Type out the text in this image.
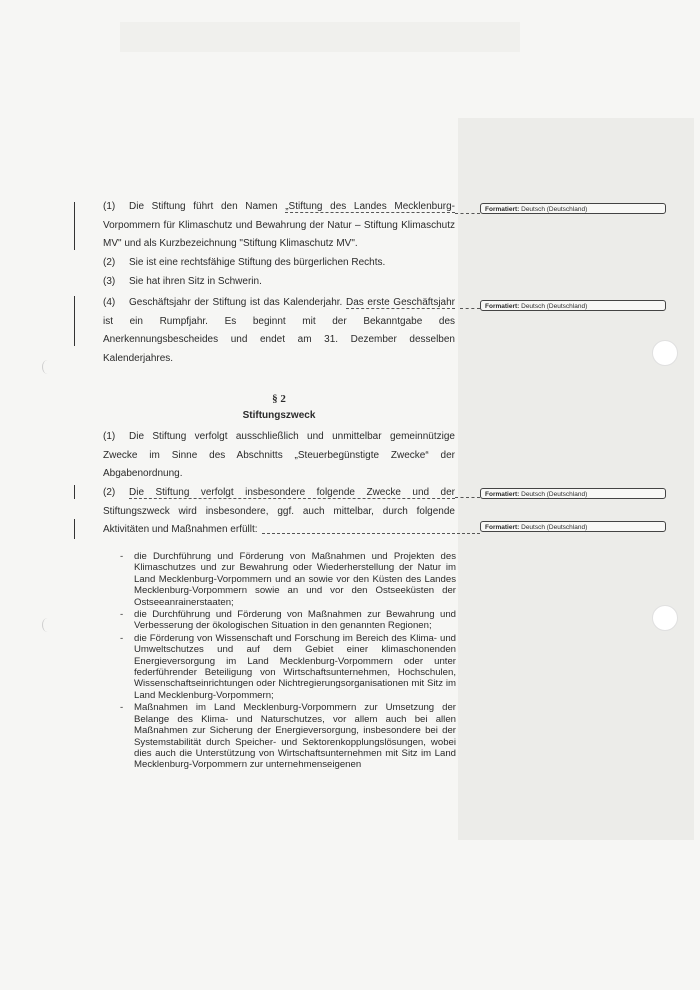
(1) Die Stiftung führt den Namen „Stiftung des Landes Mecklenburg- Vorpommern für Klimaschutz und Bewahrung der Natur – Stiftung Klimaschutz MV" und als Kurzbezeichnung "Stiftung Klimaschutz MV".

(2) Sie ist eine rechtsfähige Stiftung des bürgerlichen Rechts.

(3) Sie hat ihren Sitz in Schwerin.

(4) Geschäftsjahr der Stiftung ist das Kalenderjahr. Das erste Geschäftsjahr ist ein Rumpfjahr. Es beginnt mit der Bekanntgabe des Anerkennungsbescheides und endet am 31. Dezember desselben Kalenderjahres.

§ 2
Stiftungszweck

(1) Die Stiftung verfolgt ausschließlich und unmittelbar gemeinnützige Zwecke im Sinne des Abschnitts „Steuerbegünstigte Zwecke“ der Abgabenordnung.

(2) Die Stiftung verfolgt insbesondere folgende Zwecke und der Stiftungszweck wird insbesondere, ggf. auch mittelbar, durch folgende Aktivitäten und Maßnahmen erfüllt:

- die Durchführung und Förderung von Maßnahmen und Projekten des Klimaschutzes und zur Bewahrung oder Wiederherstellung der Natur im Land Mecklenburg-Vorpommern und an sowie vor den Küsten des Landes Mecklenburg-Vorpommern sowie an und vor den Ostseeküsten der Ostseeanrainerstaaten;
- die Durchführung und Förderung von Maßnahmen zur Bewahrung und Verbesserung der ökologischen Situation in den genannten Regionen;
- die Förderung von Wissenschaft und Forschung im Bereich des Klima- und Umweltschutzes und auf dem Gebiet einer klimaschonenden Energieversorgung im Land Mecklenburg-Vorpommern oder unter federführender Beteiligung von Wirtschaftsunternehmen, Hochschulen, Wissenschaftseinrichtungen oder Nichtregierungsorganisationen mit Sitz im Land Mecklenburg-Vorpommern;
- Maßnahmen im Land Mecklenburg-Vorpommern zur Umsetzung der Belange des Klima- und Naturschutzes, vor allem auch bei allen Maßnahmen zur Sicherung der Energieversorgung, insbesondere bei der Systemstabilität durch Speicher- und Sektorenkopplungslösungen, wobei dies auch die Unterstützung von Wirtschaftsunternehmen mit Sitz im Land Mecklenburg-Vorpommern zur unternehmenseigenen
Formatiert: Deutsch (Deutschland)
Formatiert: Deutsch (Deutschland)
Formatiert: Deutsch (Deutschland)
Formatiert: Deutsch (Deutschland)
